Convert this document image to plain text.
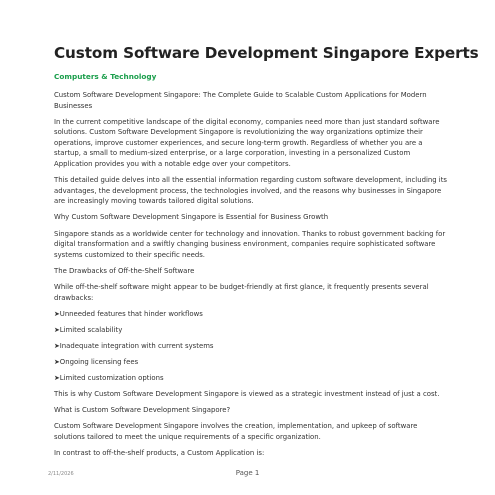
Custom Software Development Singapore Experts
Computers & Technology
Custom Software Development Singapore: The Complete Guide to Scalable Custom Applications for Modern Businesses
In the current competitive landscape of the digital economy, companies need more than just standard software solutions. Custom Software Development Singapore is revolutionizing the way organizations optimize their operations, improve customer experiences, and secure long-term growth. Regardless of whether you are a startup, a small to medium-sized enterprise, or a large corporation, investing in a personalized Custom Application provides you with a notable edge over your competitors.
This detailed guide delves into all the essential information regarding custom software development, including its advantages, the development process, the technologies involved, and the reasons why businesses in Singapore are increasingly moving towards tailored digital solutions.
Why Custom Software Development Singapore is Essential for Business Growth
Singapore stands as a worldwide center for technology and innovation. Thanks to robust government backing for digital transformation and a swiftly changing business environment, companies require sophisticated software systems customized to their specific needs.
The Drawbacks of Off-the-Shelf Software
While off-the-shelf software might appear to be budget-friendly at first glance, it frequently presents several drawbacks:
➤Unneeded features that hinder workflows
➤Limited scalability
➤Inadequate integration with current systems
➤Ongoing licensing fees
➤Limited customization options
This is why Custom Software Development Singapore is viewed as a strategic investment instead of just a cost.
What is Custom Software Development Singapore?
Custom Software Development Singapore involves the creation, implementation, and upkeep of software solutions tailored to meet the unique requirements of a specific organization.
In contrast to off-the-shelf products, a Custom Application is:
2/11/2026	Page 1
